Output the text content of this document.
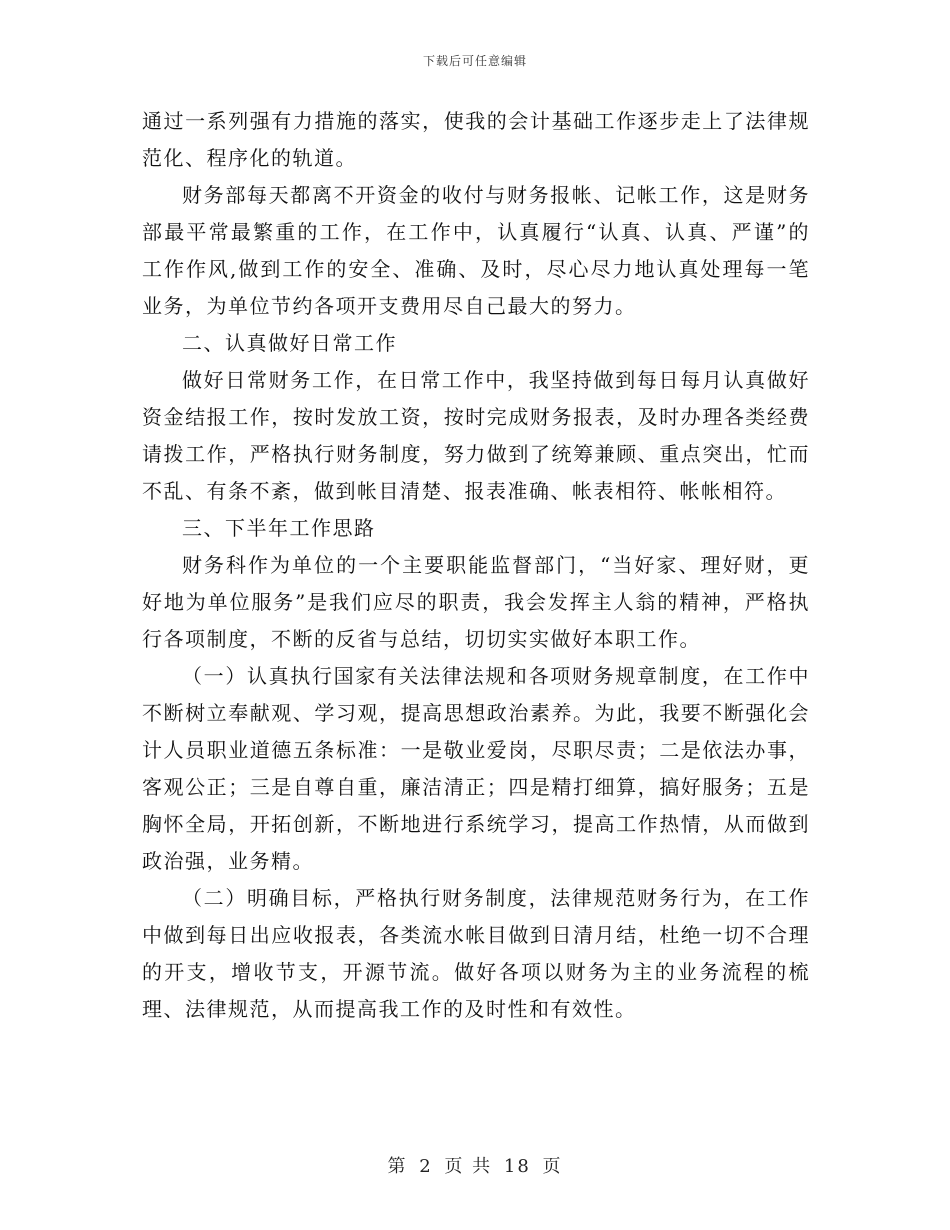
下载后可任意编辑

通过一系列强有力措施的落实，使我的会计基础工作逐步走上了法律规范化、程序化的轨道。

财务部每天都离不开资金的收付与财务报帐、记帐工作，这是财务部最平常最繁重的工作，在工作中，认真履行“认真、认真、严谨”的工作作风,做到工作的安全、准确、及时，尽心尽力地认真处理每一笔业务，为单位节约各项开支费用尽自己最大的努力。

二、认真做好日常工作

做好日常财务工作，在日常工作中，我坚持做到每日每月认真做好资金结报工作，按时发放工资，按时完成财务报表，及时办理各类经费请拨工作，严格执行财务制度，努力做到了统筹兼顾、重点突出，忙而不乱、有条不紊，做到帐目清楚、报表准确、帐表相符、帐帐相符。

三、下半年工作思路

财务科作为单位的一个主要职能监督部门，“当好家、理好财，更好地为单位服务”是我们应尽的职责，我会发挥主人翁的精神，严格执行各项制度，不断的反省与总结，切切实实做好本职工作。

（一）认真执行国家有关法律法规和各项财务规章制度，在工作中不断树立奉献观、学习观，提高思想政治素养。为此，我要不断强化会计人员职业道德五条标准：一是敬业爱岗，尽职尽责；二是依法办事，客观公正；三是自尊自重，廉洁清正；四是精打细算，搞好服务；五是胸怀全局，开拓创新，不断地进行系统学习，提高工作热情，从而做到政治强，业务精。

（二）明确目标，严格执行财务制度，法律规范财务行为，在工作中做到每日出应收报表，各类流水帐目做到日清月结，杜绝一切不合理的开支，增收节支，开源节流。做好各项以财务为主的业务流程的梳理、法律规范，从而提高我工作的及时性和有效性。

第 2 页 共 18 页
